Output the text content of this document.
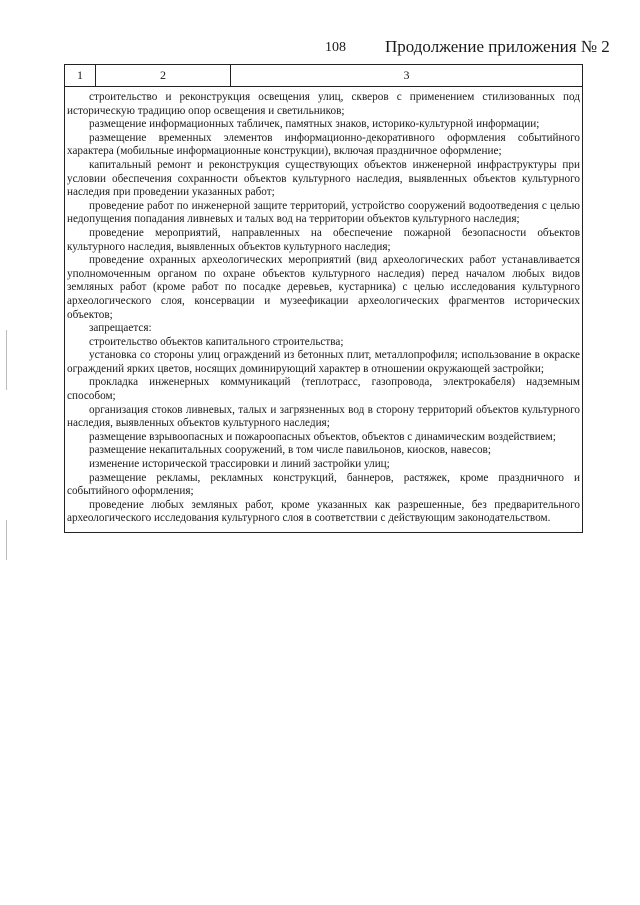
108 Продолжение приложения № 2
1	2	3

строительство и реконструкция освещения улиц, скверов с применением стилизованных под историческую традицию опор освещения и светильников;

размещение информационных табличек, памятных знаков, историко-культурной информации;

размещение временных элементов информационно-декоративного оформления событийного характера (мобильные информационные конструкции), включая праздничное оформление;

капитальный ремонт и реконструкция существующих объектов инженерной инфраструктуры при условии обеспечения сохранности объектов культурного наследия, выявленных объектов культурного наследия при проведении указанных работ;

проведение работ по инженерной защите территорий, устройство сооружений водоотведения с целью недопущения попадания ливневых и талых вод на территории объектов культурного наследия;

проведение мероприятий, направленных на обеспечение пожарной безопасности объектов культурного наследия, выявленных объектов культурного наследия;

проведение охранных археологических мероприятий (вид археологических работ устанавливается уполномоченным органом по охране объектов культурного наследия) перед началом любых видов земляных работ (кроме работ по посадке деревьев, кустарника) с целью исследования культурного археологического слоя, консервации и музеефикации археологических фрагментов исторических объектов;

запрещается:

строительство объектов капитального строительства;

установка со стороны улиц ограждений из бетонных плит, металлопрофиля; использование в окраске ограждений ярких цветов, носящих доминирующий характер в отношении окружающей застройки;

прокладка инженерных коммуникаций (теплотрасс, газопровода, электрокабеля) надземным способом;

организация стоков ливневых, талых и загрязненных вод в сторону территорий объектов культурного наследия, выявленных объектов культурного наследия;

размещение взрывоопасных и пожароопасных объектов, объектов с динамическим воздействием;

размещение некапитальных сооружений, в том числе павильонов, киосков, навесов;

изменение исторической трассировки и линий застройки улиц;

размещение рекламы, рекламных конструкций, баннеров, растяжек, кроме праздничного и событийного оформления;

проведение любых земляных работ, кроме указанных как разрешенные, без предварительного археологического исследования культурного слоя в соответствии с действующим законодательством.
